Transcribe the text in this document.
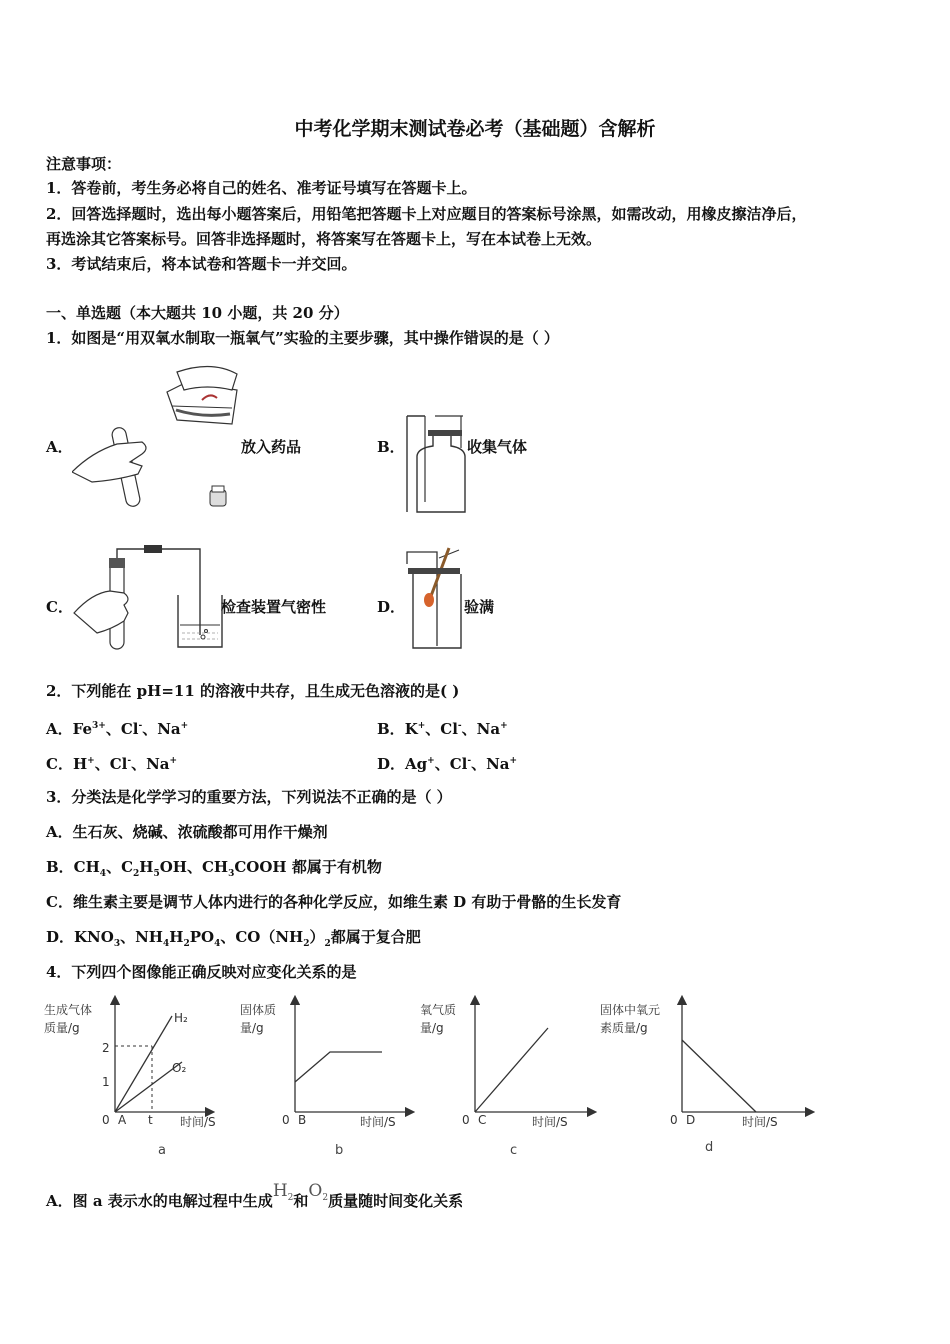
中考化学期末测试卷必考（基础题）含解析
注意事项：
1．答卷前，考生务必将自己的姓名、准考证号填写在答题卡上。
2．回答选择题时，选出每小题答案后，用铅笔把答题卡上对应题目的答案标号涂黑，如需改动，用橡皮擦洁净后，
再选涂其它答案标号。回答非选择题时，将答案写在答题卡上，写在本试卷上无效。
3．考试结束后，将本试卷和答题卡一并交回。
一、单选题（本大题共 10 小题，共 20 分）
1．如图是“用双氧水制取一瓶氧气”实验的主要步骤，其中操作错误的是（ ）
A．	放入药品	B．	收集气体
C．	检查装置气密性	D．	验满
2．下列能在 pH=11 的溶液中共存，且生成无色溶液的是( )
A．$Fe^{3+}$、Cl-、Na+	B．K+、Cl-、Na+
C．H+、Cl-、Na+	D．Ag+、Cl-、Na+
3．分类法是化学学习的重要方法，下列说法不正确的是（ ）
A．生石灰、烧碱、浓硫酸都可用作干燥剂
B．$CH_4$、$C_2H_5OH$、$CH_3COOH$ 都属于有机物
C．维生素主要是调节人体内进行的各种化学反应，如维生素 D 有助于骨骼的生长发育
D．$KNO_3$、$NH_4H_2PO_4$、$CO(NH_2)_2$都属于复合肥
4．下列四个图像能正确反映对应变化关系的是
生成气体
质量/g
2
1
H₂
O₂
0 A t 时间/S
a
固体质
量/g
0 B	时间/S
b
氧气质
量/g
0 C	时间/S
c
固体中氧元
素质量/g
0 D	时间/S
d
A．图 a 表示水的电解过程中生成$H^2$和$O^2$质量随时间变化关系
